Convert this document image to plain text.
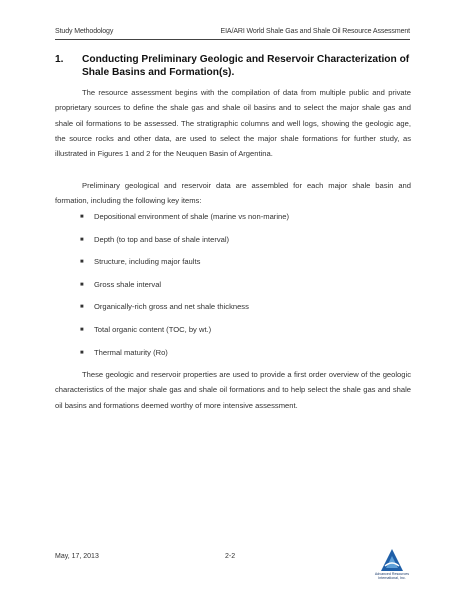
Study Methodology	EIA/ARI World Shale Gas and Shale Oil Resource Assessment
1. Conducting Preliminary Geologic and Reservoir Characterization of Shale Basins and Formation(s).

The resource assessment begins with the compilation of data from multiple public and private proprietary sources to define the shale gas and shale oil basins and to select the major shale gas and shale oil formations to be assessed. The stratigraphic columns and well logs, showing the geologic age, the source rocks and other data, are used to select the major shale formations for further study, as illustrated in Figures 1 and 2 for the Neuquen Basin of Argentina.

Preliminary geological and reservoir data are assembled for each major shale basin and formation, including the following key items:

■ Depositional environment of shale (marine vs non-marine)
■ Depth (to top and base of shale interval)
■ Structure, including major faults
■ Gross shale interval
■ Organically-rich gross and net shale thickness
■ Total organic content (TOC, by wt.)
■ Thermal maturity (Ro)

These geologic and reservoir properties are used to provide a first order overview of the geologic characteristics of the major shale gas and shale oil formations and to help select the shale gas and shale oil basins and formations deemed worthy of more intensive assessment.

May, 17, 2013	2-2
Advanced Resources
International, Inc.
